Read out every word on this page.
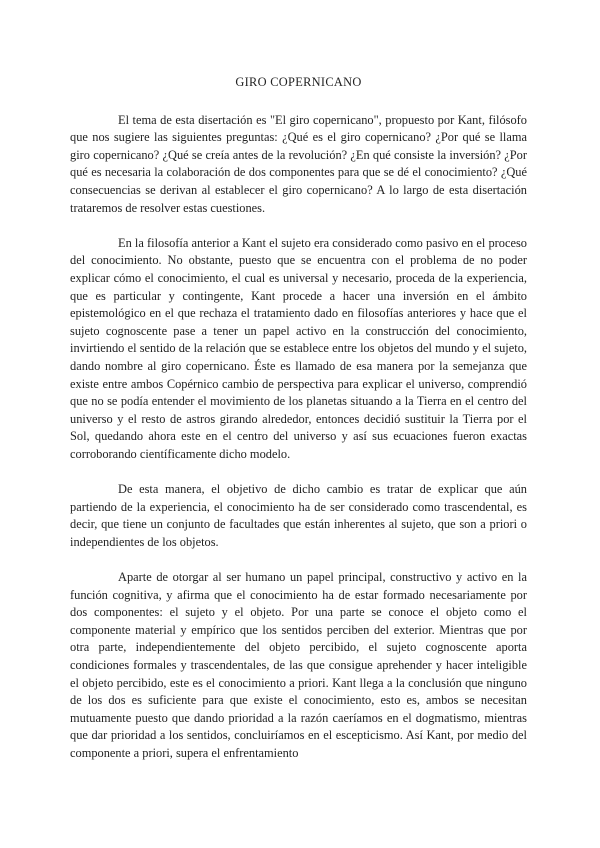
GIRO COPERNICANO

El tema de esta disertación es "El giro copernicano", propuesto por Kant, filósofo que nos sugiere las siguientes preguntas: ¿Qué es el giro copernicano? ¿Por qué se llama giro copernicano? ¿Qué se creía antes de la revolución? ¿En qué consiste la inversión? ¿Por qué es necesaria la colaboración de dos componentes para que se dé el conocimiento? ¿Qué consecuencias se derivan al establecer el giro copernicano? A lo largo de esta disertación trataremos de resolver estas cuestiones.

En la filosofía anterior a Kant el sujeto era considerado como pasivo en el proceso del conocimiento. No obstante, puesto que se encuentra con el problema de no poder explicar cómo el conocimiento, el cual es universal y necesario, proceda de la experiencia, que es particular y contingente, Kant procede a hacer una inversión en el ámbito epistemológico en el que rechaza el tratamiento dado en filosofías anteriores y hace que el sujeto cognoscente pase a tener un papel activo en la construcción del conocimiento, invirtiendo el sentido de la relación que se establece entre los objetos del mundo y el sujeto, dando nombre al giro copernicano. Éste es llamado de esa manera por la semejanza que existe entre ambos Copérnico cambio de perspectiva para explicar el universo, comprendió que no se podía entender el movimiento de los planetas situando a la Tierra en el centro del universo y el resto de astros girando alrededor, entonces decidió sustituir la Tierra por el Sol, quedando ahora este en el centro del universo y así sus ecuaciones fueron exactas corroborando científicamente dicho modelo.

De esta manera, el objetivo de dicho cambio es tratar de explicar que aún partiendo de la experiencia, el conocimiento ha de ser considerado como trascendental, es decir, que tiene un conjunto de facultades que están inherentes al sujeto, que son a priori o independientes de los objetos.

Aparte de otorgar al ser humano un papel principal, constructivo y activo en la función cognitiva, y afirma que el conocimiento ha de estar formado necesariamente por dos componentes: el sujeto y el objeto. Por una parte se conoce el objeto como el componente material y empírico que los sentidos perciben del exterior. Mientras que por otra parte, independientemente del objeto percibido, el sujeto cognoscente aporta condiciones formales y trascendentales, de las que consigue aprehender y hacer inteligible el objeto percibido, este es el conocimiento a priori. Kant llega a la conclusión que ninguno de los dos es suficiente para que existe el conocimiento, esto es, ambos se necesitan mutuamente puesto que dando prioridad a la razón caeríamos en el dogmatismo, mientras que dar prioridad a los sentidos, concluiríamos en el escepticismo. Así Kant, por medio del componente a priori, supera el enfrentamiento
